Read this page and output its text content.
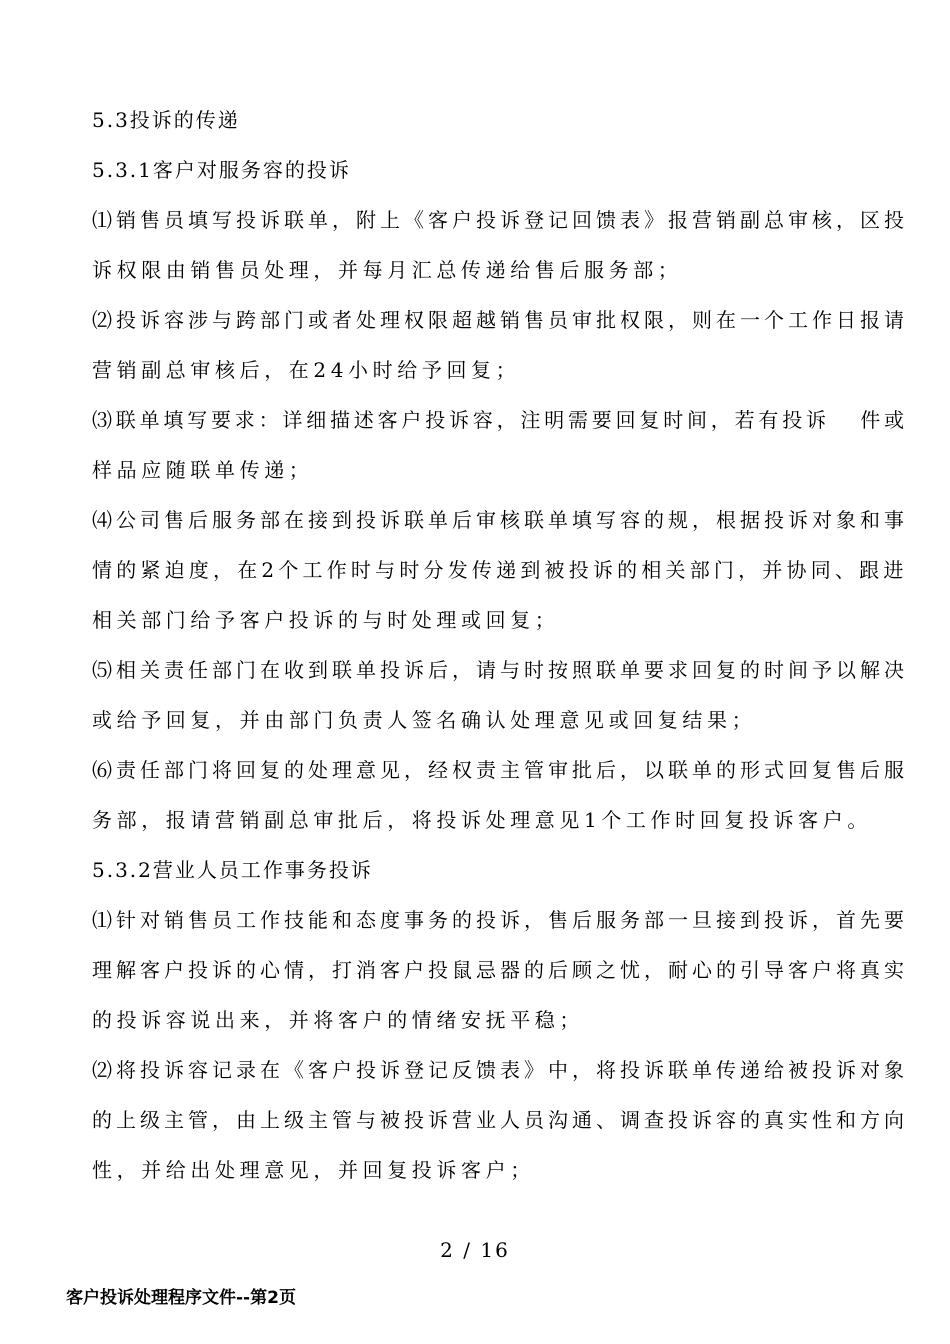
5.3投诉的传递
5.3.1客户对服务容的投诉
⑴销售员填写投诉联单，附上《客户投诉登记回馈表》报营销副总审核，区投
诉权限由销售员处理，并每月汇总传递给售后服务部；
⑵投诉容涉与跨部门或者处理权限超越销售员审批权限，则在一个工作日报请
营销副总审核后，在24小时给予回复；
⑶联单填写要求：详细描述客户投诉容，注明需要回复时间，若有投诉   件或
样品应随联单传递；
⑷公司售后服务部在接到投诉联单后审核联单填写容的规，根据投诉对象和事
情的紧迫度，在2个工作时与时分发传递到被投诉的相关部门，并协同、跟进
相关部门给予客户投诉的与时处理或回复；
⑸相关责任部门在收到联单投诉后，请与时按照联单要求回复的时间予以解决
或给予回复，并由部门负责人签名确认处理意见或回复结果；
⑹责任部门将回复的处理意见，经权责主管审批后，以联单的形式回复售后服
务部，报请营销副总审批后，将投诉处理意见1个工作时回复投诉客户。
5.3.2营业人员工作事务投诉
⑴针对销售员工作技能和态度事务的投诉，售后服务部一旦接到投诉，首先要
理解客户投诉的心情，打消客户投鼠忌器的后顾之忧，耐心的引导客户将真实
的投诉容说出来，并将客户的情绪安抚平稳；
⑵将投诉容记录在《客户投诉登记反馈表》中，将投诉联单传递给被投诉对象
的上级主管，由上级主管与被投诉营业人员沟通、调查投诉容的真实性和方向
性，并给出处理意见，并回复投诉客户；
2 / 16
客户投诉处理程序文件--第2页
